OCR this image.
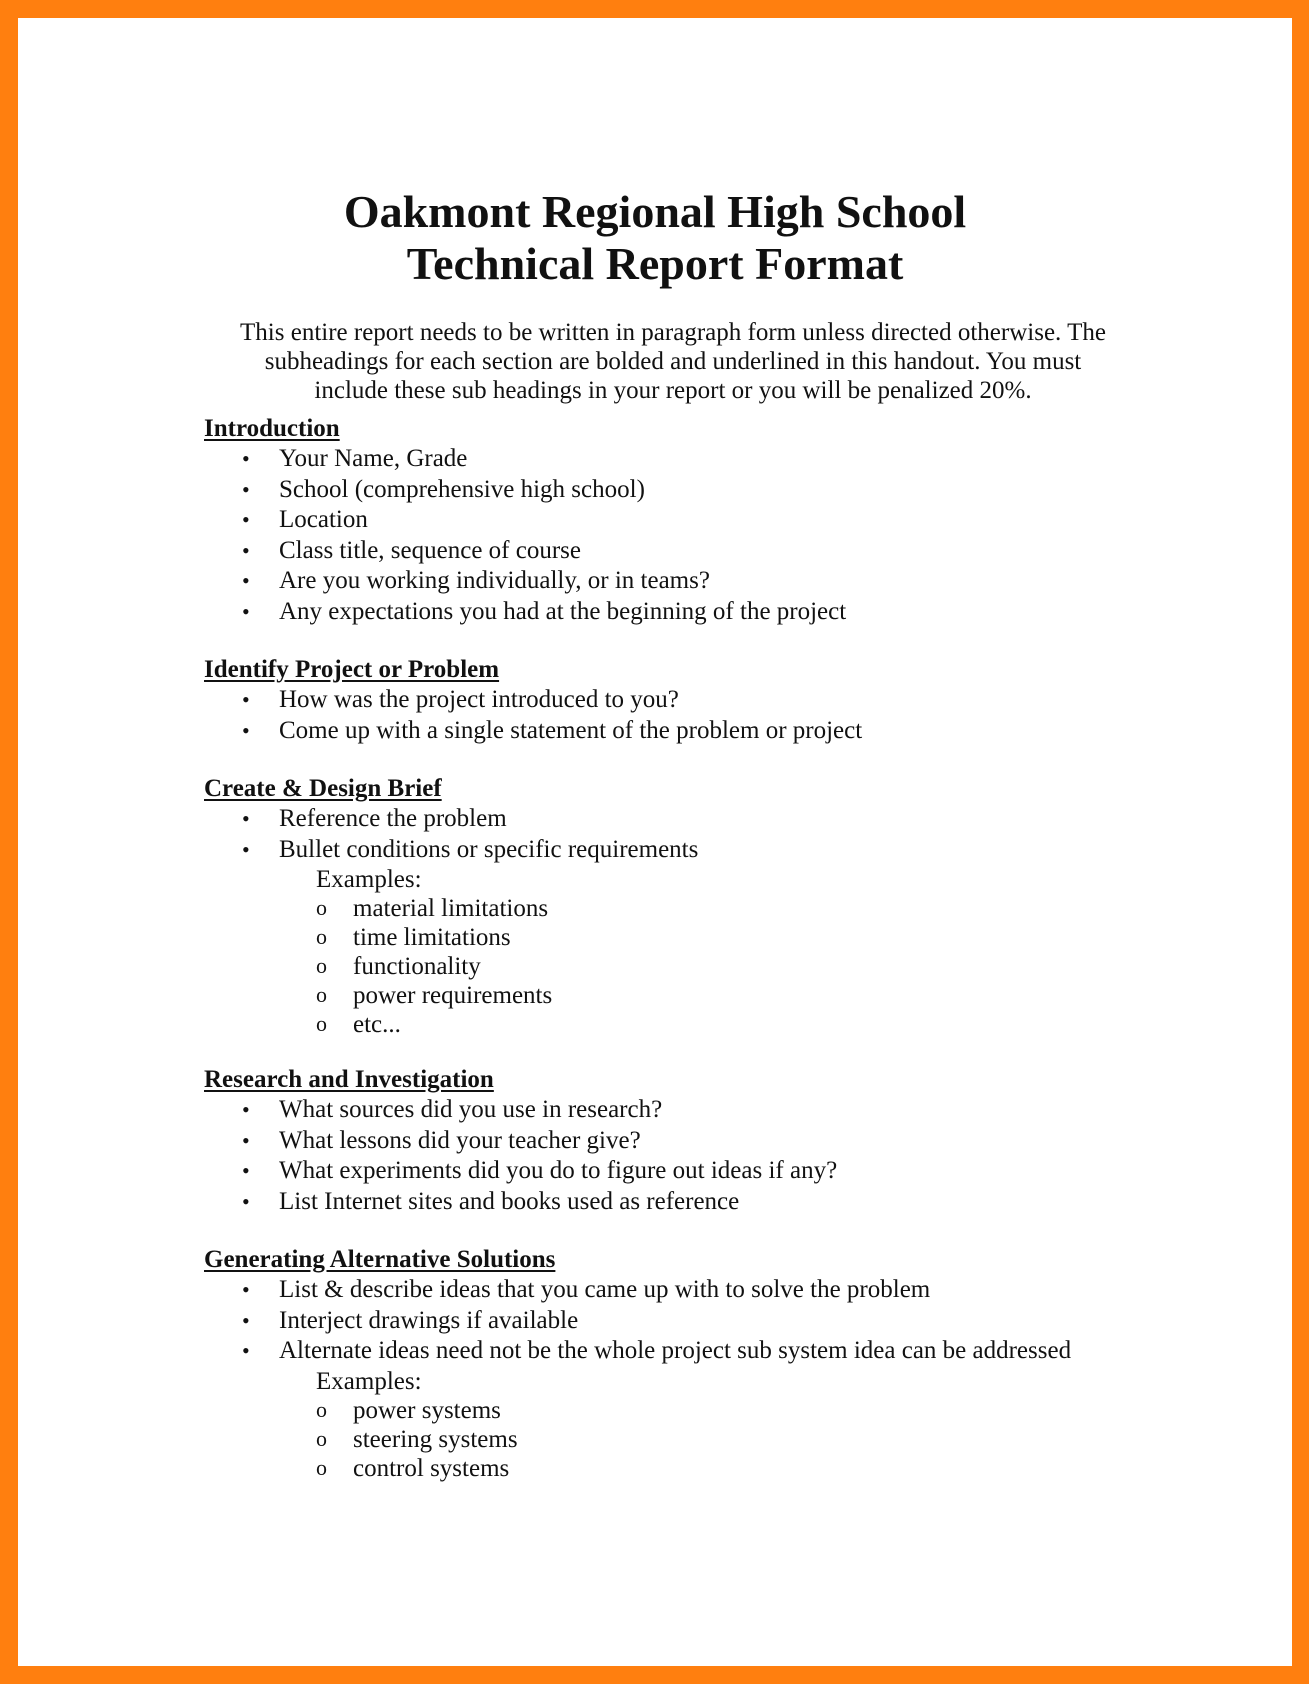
Oakmont Regional High School
Technical Report Format
This entire report needs to be written in paragraph form unless directed otherwise. The
subheadings for each section are bolded and underlined in this handout. You must
include these sub headings in your report or you will be penalized 20%.
Introduction
• Your Name, Grade
• School (comprehensive high school)
• Location
• Class title, sequence of course
• Are you working individually, or in teams?
• Any expectations you had at the beginning of the project
Identify Project or Problem
• How was the project introduced to you?
• Come up with a single statement of the problem or project
Create & Design Brief
• Reference the problem
• Bullet conditions or specific requirements
Examples:
o material limitations
o time limitations
o functionality
o power requirements
o etc...
Research and Investigation
• What sources did you use in research?
• What lessons did your teacher give?
• What experiments did you do to figure out ideas if any?
• List Internet sites and books used as reference
Generating Alternative Solutions
• List & describe ideas that you came up with to solve the problem
• Interject drawings if available
• Alternate ideas need not be the whole project sub system idea can be addressed
Examples:
o power systems
o steering systems
o control systems
